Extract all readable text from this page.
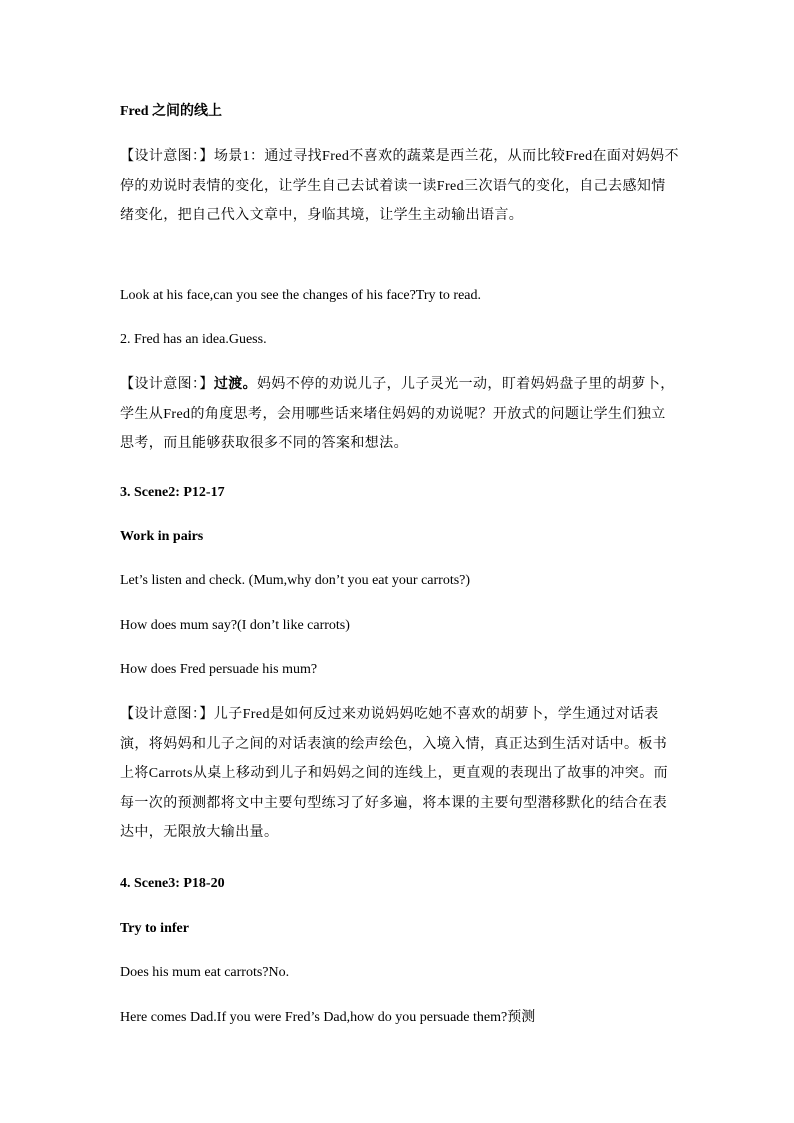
Fred 之间的线上

【设计意图：】场景1：通过寻找Fred不喜欢的蔬菜是西兰花，从而比较Fred在面对妈妈不停的劝说时表情的变化，让学生自己去试着读一读Fred三次语气的变化，自己去感知情绪变化，把自己代入文章中，身临其境，让学生主动输出语言。

Look at his face,can you see the changes of his face?Try to read.

2. Fred has an idea.Guess.

【设计意图：】过渡。妈妈不停的劝说儿子，儿子灵光一动，盯着妈妈盘子里的胡萝卜，学生从Fred的角度思考，会用哪些话来堵住妈妈的劝说呢？开放式的问题让学生们独立思考，而且能够获取很多不同的答案和想法。

3. Scene2: P12-17

Work in pairs

Let’s listen and check. (Mum,why don’t you eat your carrots?)

How does mum say?(I don’t like carrots)

How does Fred persuade his mum?

【设计意图：】儿子Fred是如何反过来劝说妈妈吃她不喜欢的胡萝卜，学生通过对话表演，将妈妈和儿子之间的对话表演的绘声绘色，入境入情，真正达到生活对话中。板书上将Carrots从桌上移动到儿子和妈妈之间的连线上，更直观的表现出了故事的冲突。而每一次的预测都将文中主要句型练习了好多遍，将本课的主要句型潜移默化的结合在表达中，无限放大输出量。

4. Scene3: P18-20

Try to infer

Does his mum eat carrots?No.

Here comes Dad.If you were Fred’s Dad,how do you persuade them?预测
